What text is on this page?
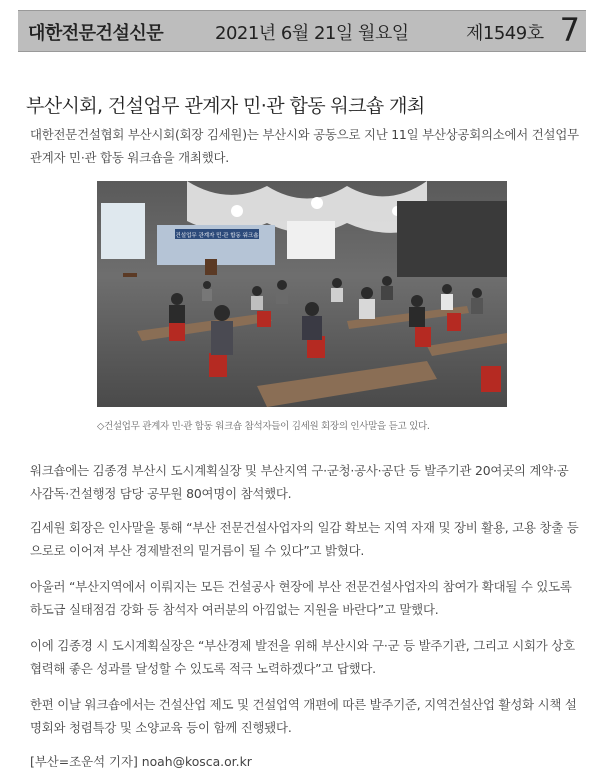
대한전문건설신문	2021년 6월 21일 월요일	제1549호 7
부산시회, 건설업무 관계자 민·관 합동 워크숍 개최

대한전문건설협회 부산시회(회장 김세원)는 부산시와 공동으로 지난 11일 부산상공회의소에서 건설업무 관계자 민·관 합동 워크숍을 개최했다.

건설업무 관계자 민·관 합동 워크숍
◇건설업무 관계자 민·관 합동 워크숍 참석자들이 김세원 회장의 인사말을 듣고 있다.

워크숍에는 김종경 부산시 도시계획실장 및 부산지역 구·군청·공사·공단 등 발주기관 20여곳의 계약·공사감독·건설행정 담당 공무원 80여명이 참석했다.

김세원 회장은 인사말을 통해 “부산 전문건설사업자의 일감 확보는 지역 자재 및 장비 활용, 고용 창출 등으로로 이어져 부산 경제발전의 밑거름이 될 수 있다”고 밝혔다.

아울러 “부산지역에서 이뤄지는 모든 건설공사 현장에 부산 전문건설사업자의 참여가 확대될 수 있도록 하도급 실태점검 강화 등 참석자 여러분의 아낌없는 지원을 바란다”고 말했다.

이에 김종경 시 도시계획실장은 “부산경제 발전을 위해 부산시와 구·군 등 발주기관, 그리고 시회가 상호 협력해 좋은 성과를 달성할 수 있도록 적극 노력하겠다”고 답했다.

한편 이날 워크숍에서는 건설산업 제도 및 건설업역 개편에 따른 발주기준, 지역건설산업 활성화 시책 설명회와 청렴특강 및 소양교육 등이 함께 진행됐다.

[부산=조운석 기자] noah@kosca.or.kr
